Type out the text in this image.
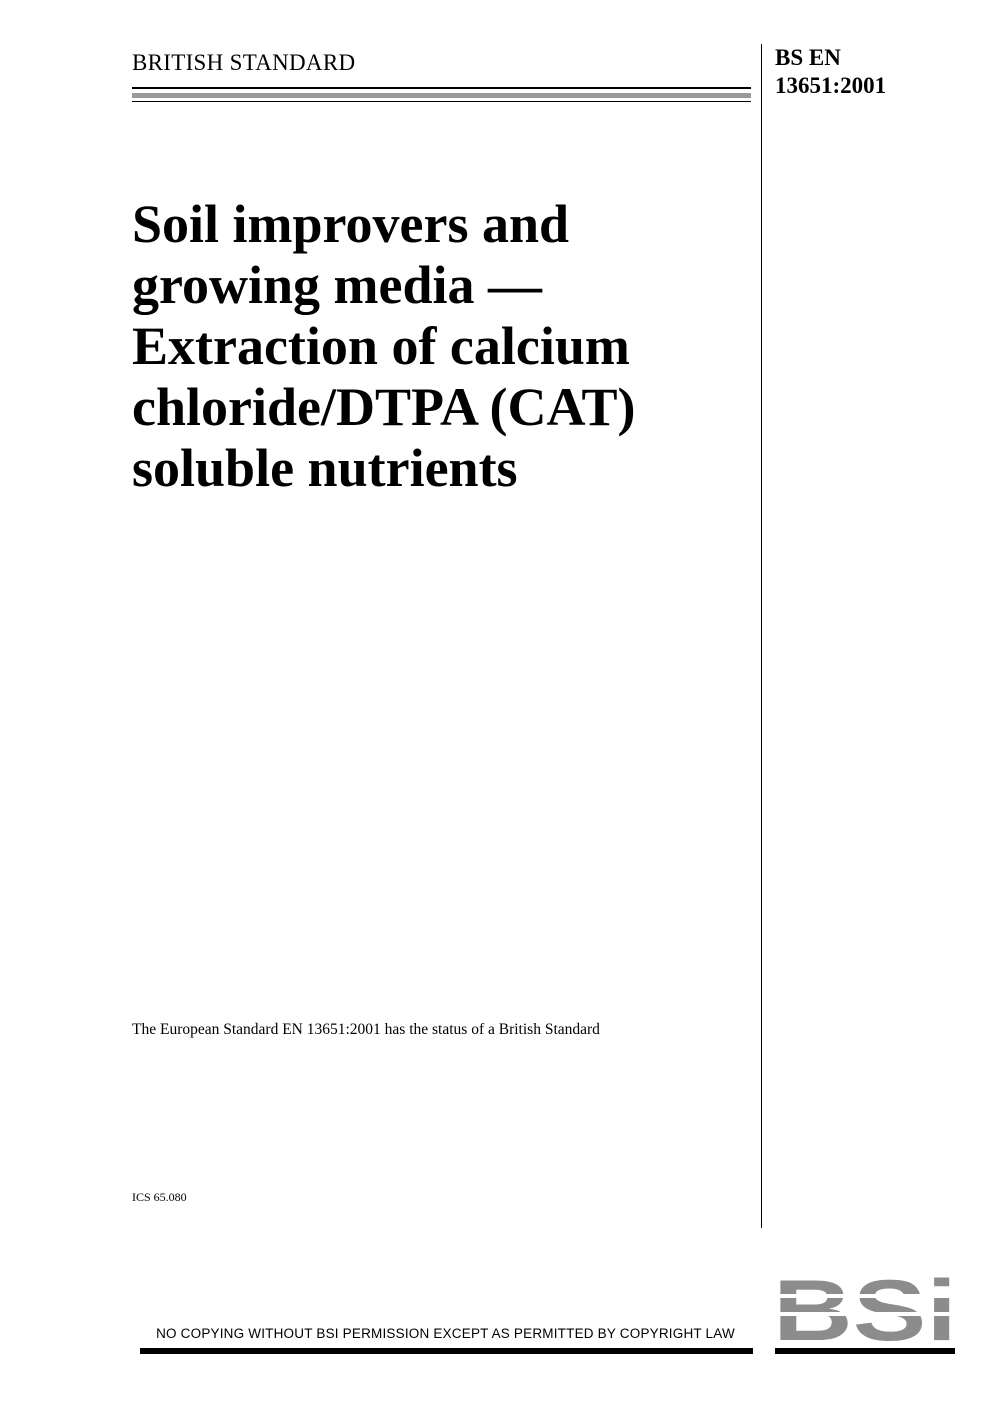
BRITISH STANDARD	BS EN
13651:2001
Soil improvers and
growing media —
Extraction of calcium
chloride/DTPA (CAT)
soluble nutrients
The European Standard EN 13651:2001 has the status of a British Standard
ICS 65.080
NO COPYING WITHOUT BSI PERMISSION EXCEPT AS PERMITTED BY COPYRIGHT LAW
